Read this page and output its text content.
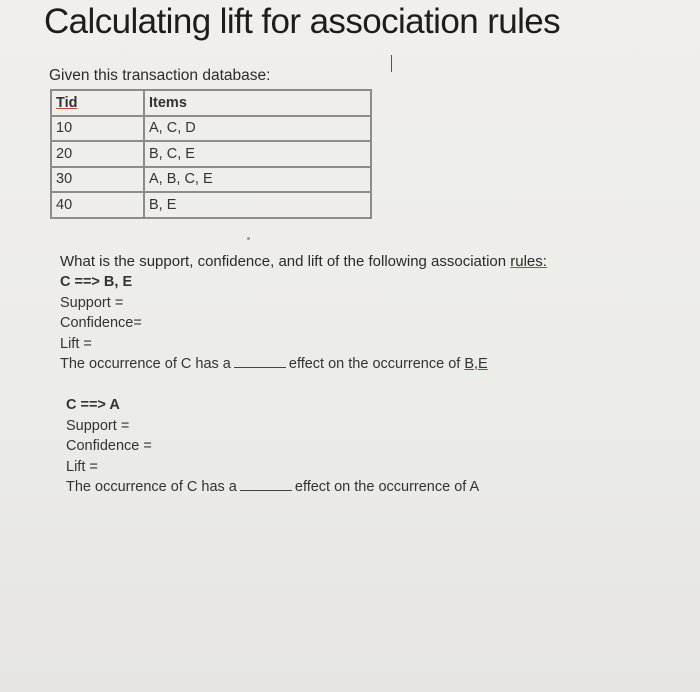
Calculating lift for association rules
Given this transaction database:
Tid	Items
10	A, C, D
20	B, C, E
30	A, B, C, E
40	B, E
What is the support, confidence, and lift of the following association rules:
C ==> B, E
Support =
Confidence=
Lift =
The occurrence of C has a	effect on the occurrence of B,E
C ==> A
Support =
Confidence =
Lift =
The occurrence of C has a	effect on the occurrence of A
